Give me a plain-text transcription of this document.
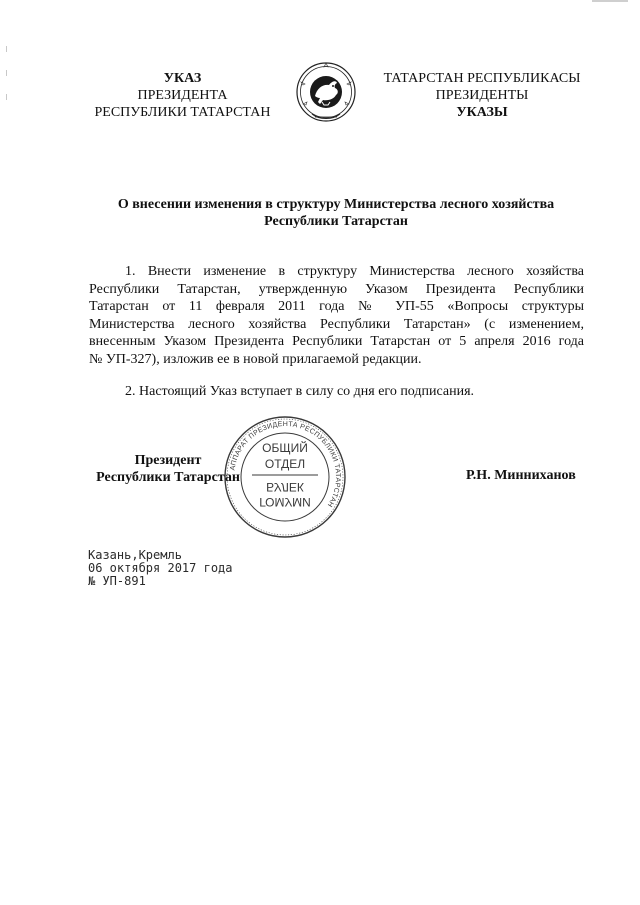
УКАЗ
ПРЕЗИДЕНТА
РЕСПУБЛИКИ ТАТАРСТАН
ТАТАРСТАН РЕСПУБЛИКАСЫ
ПРЕЗИДЕНТЫ
УКАЗЫ
О внесении изменения в структуру Министерства лесного хозяйства
Республики Татарстан
1. Внести изменение в структуру Министерства лесного хозяйства
Республики Татарстан, утвержденную Указом Президента Республики
Татарстан от 11 февраля 2011 года № УП-55 «Вопросы структуры
Министерства лесного хозяйства Республики Татарстан» (с изменением,
внесенным Указом Президента Республики Татарстан от 5 апреля 2016 года
№ УП-327), изложив ее в новой прилагаемой редакции.
2. Настоящий Указ вступает в силу со дня его подписания.
Президент
Республики Татарстан
АППАРАТ ПРЕЗИДЕНТА РЕСПУБЛИКИ ТАТАРСТАН
ОБЩИЙ
ОТДЕЛ
БУЛЕК
ГОМУМИ
Р.Н. Минниханов
Казань,Кремль
06 октября 2017 года
№ УП-891
